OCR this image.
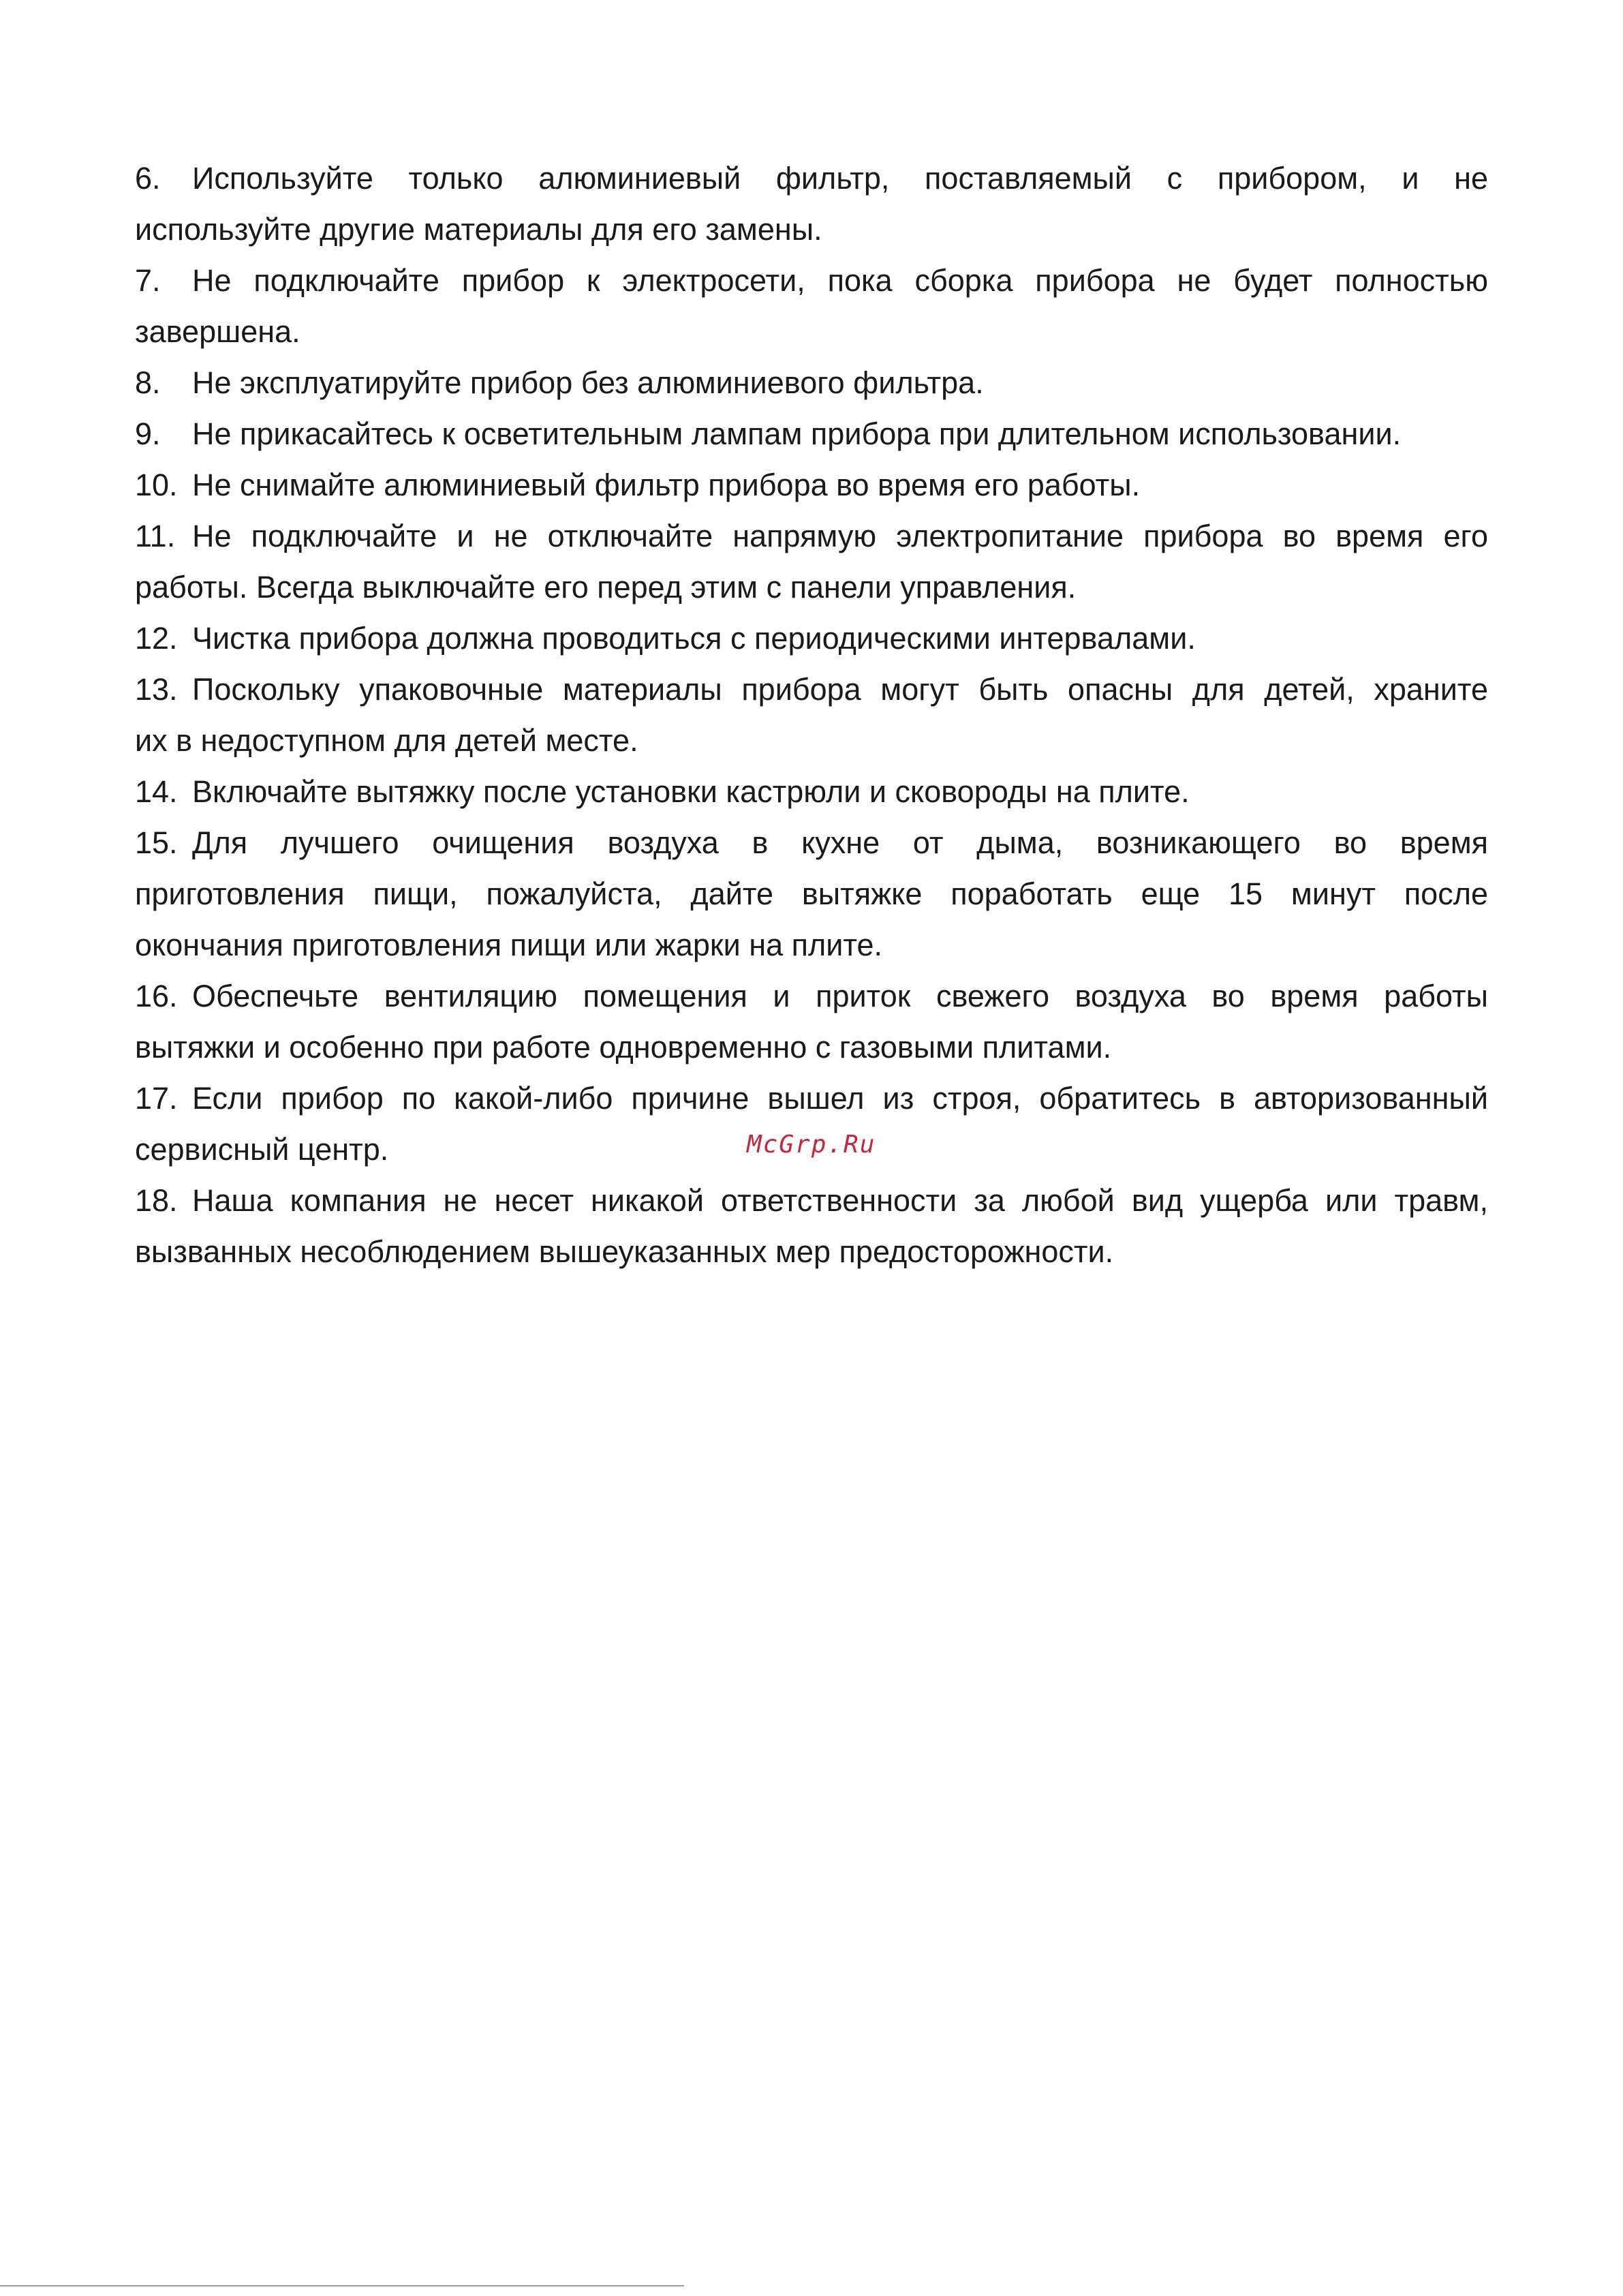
6.	Используйте только алюминиевый фильтр, поставляемый с прибором, и не
используйте другие материалы для его замены.
7.	Не подключайте прибор к электросети, пока сборка прибора не будет полностью
завершена.
8.	Не эксплуатируйте прибор без алюминиевого фильтра.
9.	Не прикасайтесь к осветительным лампам прибора при длительном использовании.
10. Не снимайте алюминиевый фильтр прибора во время его работы.
11. Не подключайте и не отключайте напрямую электропитание прибора во время его
работы. Всегда выключайте его перед этим с панели управления.
12. Чистка прибора должна проводиться с периодическими интервалами.
13. Поскольку упаковочные материалы прибора могут быть опасны для детей, храните
их в недоступном для детей месте.
14. Включайте вытяжку после установки кастрюли и сковороды на плите.
15. Для лучшего очищения воздуха в кухне от дыма, возникающего во время
приготовления пищи, пожалуйста, дайте вытяжке поработать еще 15 минут после
окончания приготовления пищи или жарки на плите.
16. Обеспечьте вентиляцию помещения и приток свежего воздуха во время работы
вытяжки и особенно при работе одновременно с газовыми плитами.
17. Если прибор по какой-либо причине вышел из строя, обратитесь в авторизованный
сервисный центр.
18. Наша компания не несет никакой ответственности за любой вид ущерба или травм,
вызванных несоблюдением вышеуказанных мер предосторожности.
McGrp.Ru
